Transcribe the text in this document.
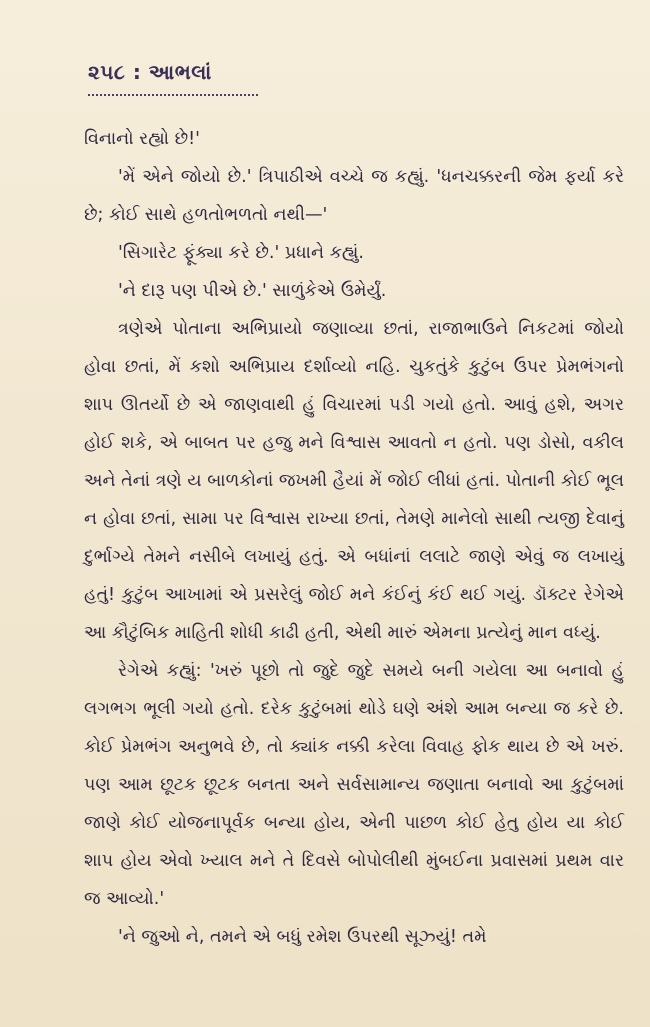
૨૫૮ : આભલાં

વિનાનો રહ્યો છે!'

'મેં એને જોયો છે.' ત્રિપાઠીએ વચ્ચે જ કહ્યું. 'ધનચક્કરની જેમ ફર્યા કરે છે; કોઈ સાથે હળતોભળતો નથી—'

'સિગારેટ ફૂંક્યા કરે છે.' પ્રધાને કહ્યું.

'ને દારૂ પણ પીએ છે.' સાળુંકેએ ઉમેર્યું.

ત્રણેએ પોતાના અભિપ્રાયો જણાવ્યા છતાં, રાજાભાઉને નિકટમાં જોયો હોવા છતાં, મેં કશો અભિપ્રાય દર્શાવ્યો નહિ. ચુકતુંકે કુટુંબ ઉપર પ્રેમભંગનો શાપ ઊતર્યો છે એ જાણવાથી હું વિચારમાં પડી ગયો હતો. આવું હશે, અગર હોઈ શકે, એ બાબત પર હજુ મને વિશ્વાસ આવતો ન હતો. પણ ડોસો, વકીલ અને તેનાં ત્રણે ય બાળકોનાં જખમી હૈયાં મેં જોઈ લીધાં હતાં. પોતાની કોઈ ભૂલ ન હોવા છતાં, સામા પર વિશ્વાસ રાખ્યા છતાં, તેમણે માનેલો સાથી ત્યજી દેવાનું દુર્ભાગ્યે તેમને નસીબે લખાયું હતું. એ બધાંનાં લલાટે જાણે એવું જ લખાયું હતું! કુટુંબ આખામાં એ પ્રસરેલું જોઈ મને કંઈનું કંઈ થઈ ગયું. ડૉક્ટર રેગેએ આ કૌટુંબિક માહિતી શોધી કાઢી હતી, એથી મારું એમના પ્રત્યેનું માન વધ્યું.

રેગેએ કહ્યું: 'ખરું પૂછો તો જુદે જુદે સમયે બની ગયેલા આ બનાવો હું લગભગ ભૂલી ગયો હતો. દરેક કુટુંબમાં થોડે ઘણે અંશે આમ બન્યા જ કરે છે. કોઈ પ્રેમભંગ અનુભવે છે, તો ક્યાંક નક્કી કરેલા વિવાહ ફોક થાય છે એ ખરું. પણ આમ છૂટક છૂટક બનતા અને સર્વસામાન્ય જણાતા બનાવો આ કુટુંબમાં જાણે કોઈ યોજનાપૂર્વક બન્યા હોય, એની પાછળ કોઈ હેતુ હોય યા કોઈ શાપ હોય એવો ખ્યાલ મને તે દિવસે બોપોલીથી મુંબઈના પ્રવાસમાં પ્રથમ વાર જ આવ્યો.'

'ને જુઓ ને, તમને એ બધું રમેશ ઉપરથી સૂઝ્યું! તમે
